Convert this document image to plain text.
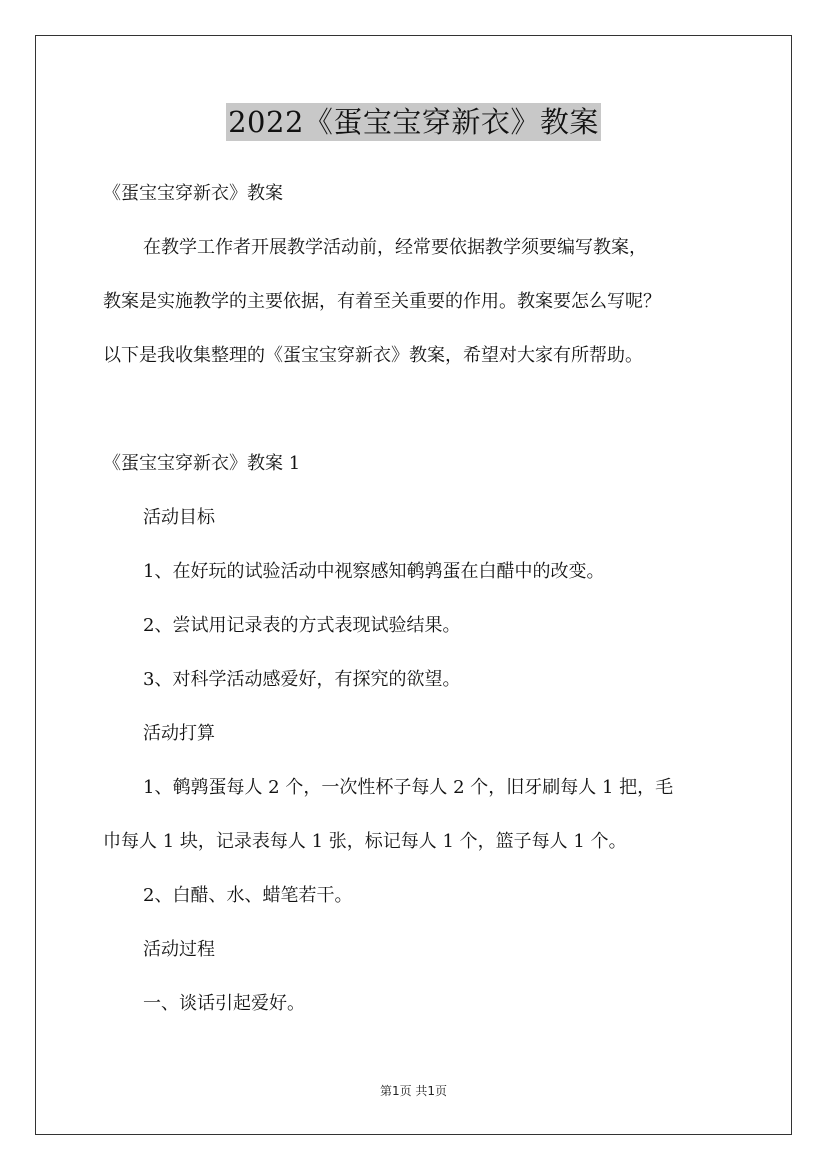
2022《蛋宝宝穿新衣》教案
《蛋宝宝穿新衣》教案
在教学工作者开展教学活动前，经常要依据教学须要编写教案，
教案是实施教学的主要依据，有着至关重要的作用。教案要怎么写呢？
以下是我收集整理的《蛋宝宝穿新衣》教案，希望对大家有所帮助。
《蛋宝宝穿新衣》教案 1
活动目标
1、在好玩的试验活动中视察感知鹌鹑蛋在白醋中的改变。
2、尝试用记录表的方式表现试验结果。
3、对科学活动感爱好，有探究的欲望。
活动打算
1、鹌鹑蛋每人 2 个，一次性杯子每人 2 个，旧牙刷每人 1 把，毛
巾每人 1 块，记录表每人 1 张，标记每人 1 个，篮子每人 1 个。
2、白醋、水、蜡笔若干。
活动过程
一、谈话引起爱好。
第1页 共1页
